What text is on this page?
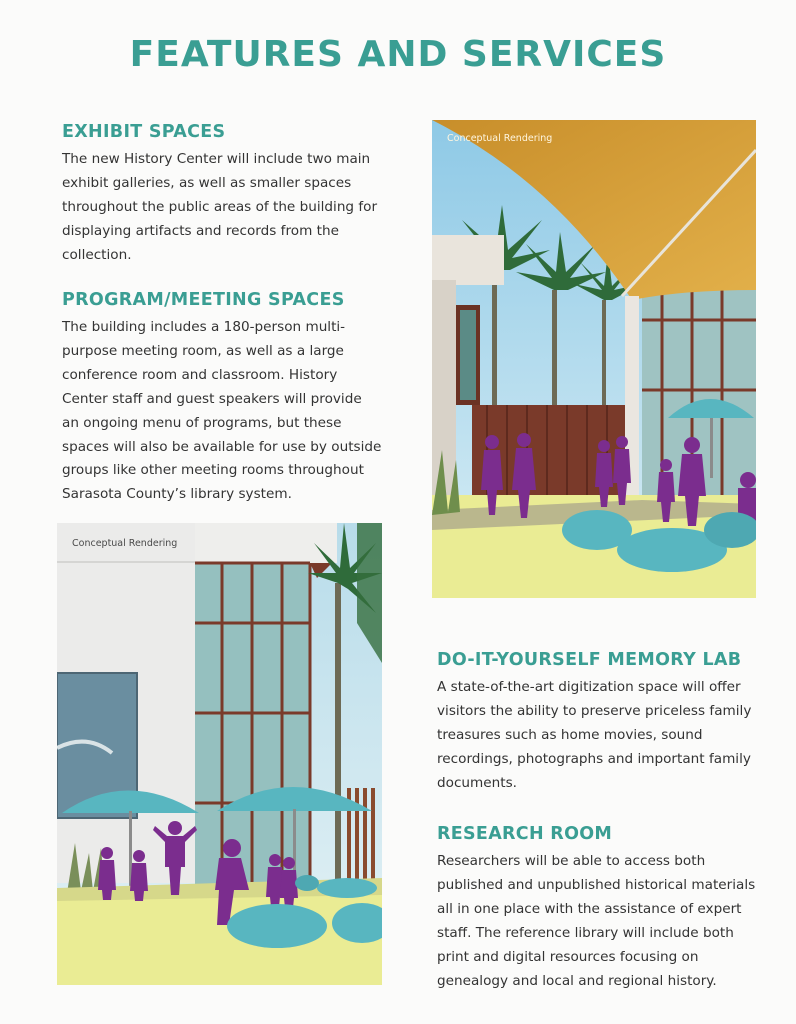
FEATURES AND SERVICES
EXHIBIT SPACES

The new History Center will include two main exhibit galleries, as well as smaller spaces throughout the public areas of the building for displaying artifacts and records from the collection.

PROGRAM/MEETING SPACES

The building includes a 180-person multi-purpose meeting room, as well as a large conference room and classroom. History Center staff and guest speakers will provide an ongoing menu of programs, but these spaces will also be available for use by outside groups like other meeting rooms throughout Sarasota County’s library system.

Conceptual Rendering
Conceptual Rendering
DO-IT-YOURSELF MEMORY LAB

A state-of-the-art digitization space will offer visitors the ability to preserve priceless family treasures such as home movies, sound recordings, photographs and important family documents.

RESEARCH ROOM

Researchers will be able to access both published and unpublished historical materials all in one place with the assistance of expert staff. The reference library will include both print and digital resources focusing on genealogy and local and regional history.
